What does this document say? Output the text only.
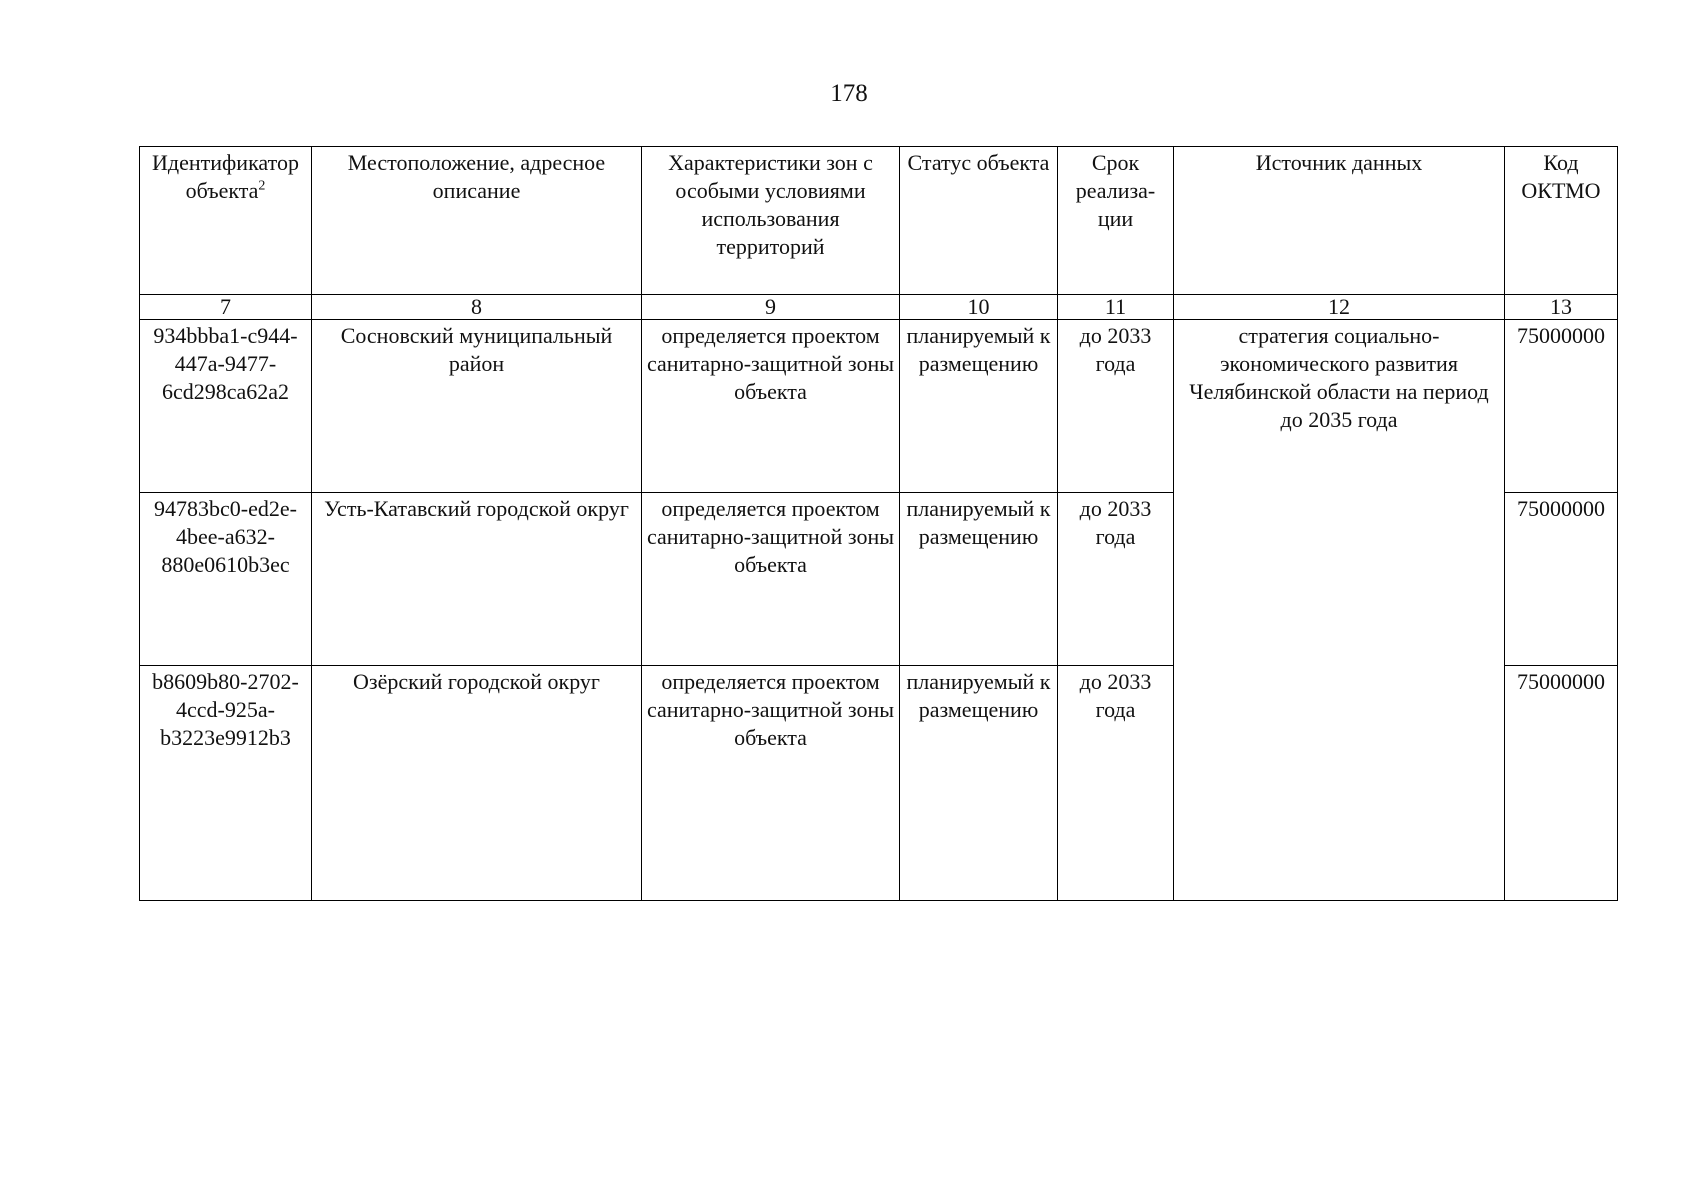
178
Идентификатор объекта$^2$	Местоположение, адресное описание	Характеристики зон с особыми условиями использования территорий	Статус объекта	Срок реализа- ции	Источник данных	Код ОКТМО
7	8	9	10	11	12	13
934bbba1-c944-447a-9477-6cd298ca62a2	Сосновский муниципальный район	определяется проектом санитарно-защитной зоны объекта	планируемый к размещению	до 2033 года	стратегия социально-экономического развития Челябинской области на период до 2035 года	75000000
94783bc0-ed2e-4bee-a632-880e0610b3ec	Усть-Катавский городской округ	определяется проектом санитарно-защитной зоны объекта	планируемый к размещению	до 2033 года		75000000
b8609b80-2702-4ccd-925a-b3223e9912b3	Озёрский городской округ	определяется проектом санитарно-защитной зоны объекта	планируемый к размещению	до 2033 года		75000000
